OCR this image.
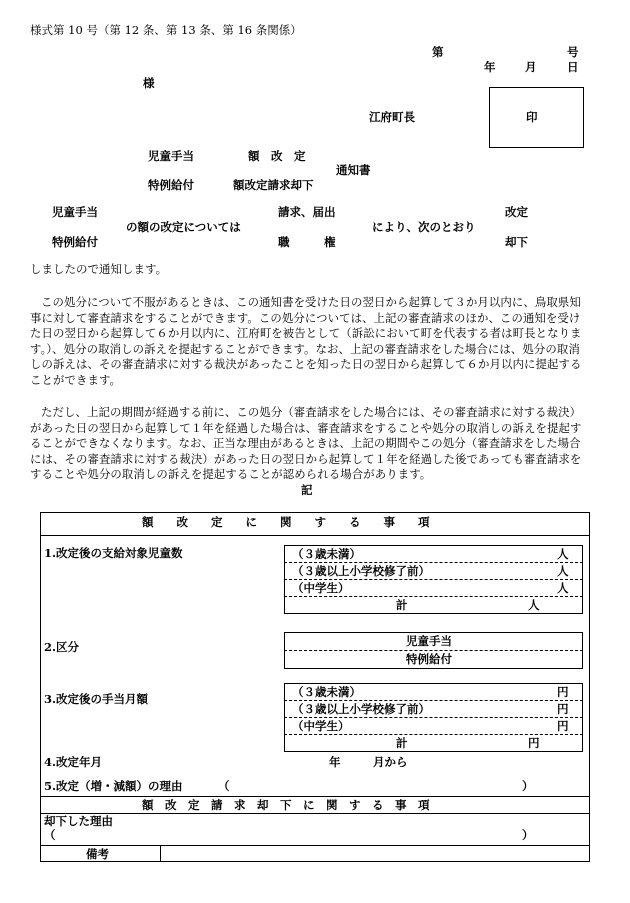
様式第 10 号（第 12 条、第 13 条、第 16 条関係）
第	号
年	月	日
様
江府町長	印
児童手当	額　改　定
通知書
特例給付	額改定請求却下
児童手当	請求、届出	改定
の額の改定については	により、次のとおり
特例給付	職　　　権	却下
しましたので通知します。
この処分について不服があるときは、この通知書を受けた日の翌日から起算して３か月以内に、鳥取県知事に対して審査請求をすることができます。この処分については、上記の審査請求のほか、この通知を受けた日の翌日から起算して６か月以内に、江府町を被告として（訴訟において町を代表する者は町長となります。）、処分の取消しの訴えを提起することができます。なお、上記の審査請求をした場合には、処分の取消しの訴えは、その審査請求に対する裁決があったことを知った日の翌日から起算して６か月以内に提起することができます。
ただし、上記の期間が経過する前に、この処分（審査請求をした場合には、その審査請求に対する裁決）があった日の翌日から起算して１年を経過した場合は、審査請求をすることや処分の取消しの訴えを提起することができなくなります。なお、正当な理由があるときは、上記の期間やこの処分（審査請求をした場合には、その審査請求に対する裁決）があった日の翌日から起算して１年を経過した後であっても審査請求をすることや処分の取消しの訴えを提起することが認められる場合があります。
記
額　　改　　定　　に　　関　　す　　る　　事　　項
1.改定後の支給対象児童数	（３歳未満）	人
（３歳以上小学校修了前）	人
（中学生）	人
計	人
2.区分	児童手当
特例給付
3.改定後の手当月額	（３歳未満）	円
（３歳以上小学校修了前）	円
（中学生）	円
計	円
4.改定年月	年	月から
5.改定（増・減額）の理由	（	）
額　改　定　請　求　却　下　に　関　す　る　事　項
却下した理由
（	）
備考
